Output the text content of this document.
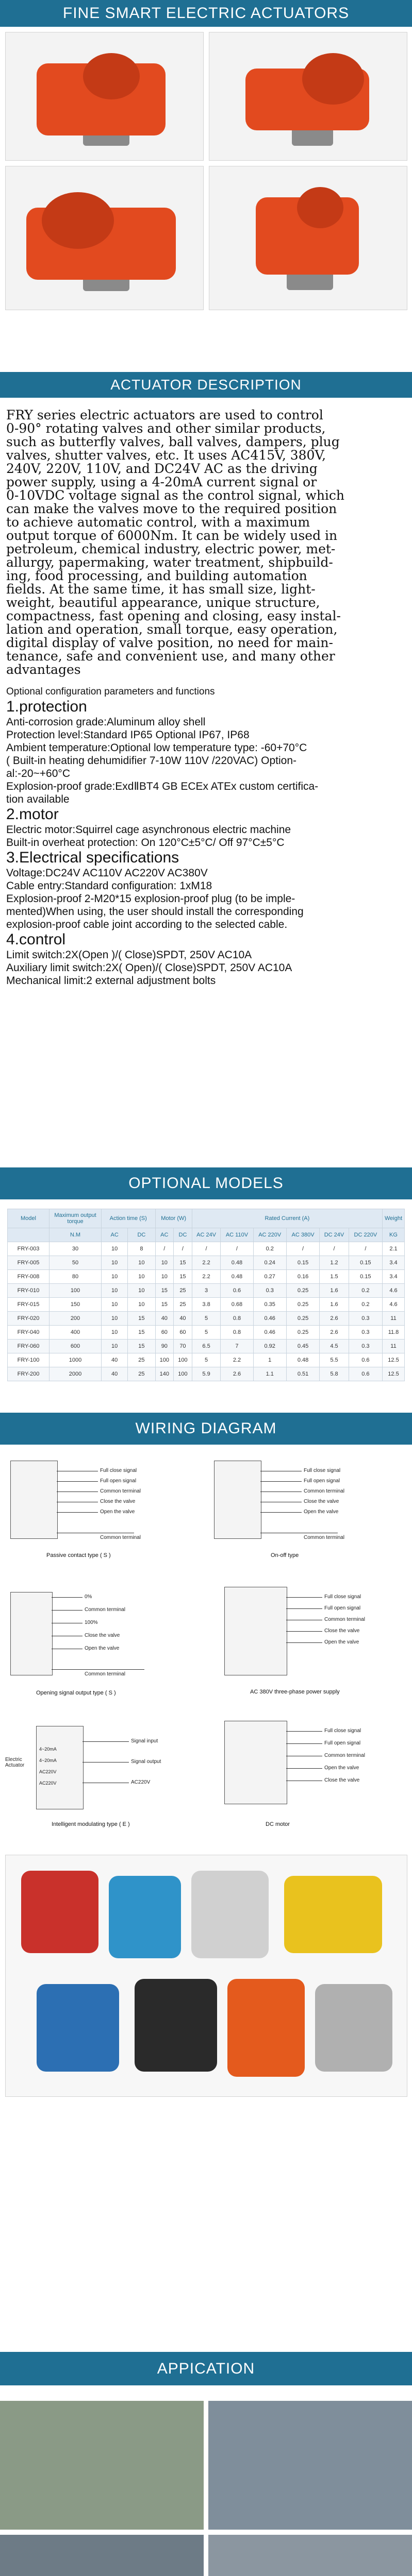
FINE SMART ELECTRIC ACTUATORS
ACTUATOR DESCRIPTION
FRY series electric actuators are used to control
0-90° rotating valves and other similar products,
such as butterfly valves, ball valves, dampers, plug
valves, shutter valves, etc. It uses AC415V, 380V,
240V, 220V, 110V, and DC24V AC as the driving
power supply, using a 4-20mA current signal or
0-10VDC voltage signal as the control signal, which
can make the valves move to the required position
to achieve automatic control, with a maximum
output torque of 6000Nm. It can be widely used in
petroleum, chemical industry, electric power, met-
allurgy, papermaking, water treatment, shipbuild-
ing, food processing, and building automation
fields. At the same time, it has small size, light-
weight, beautiful appearance, unique structure,
compactness, fast opening and closing, easy instal-
lation and operation, small torque, easy operation,
digital display of valve position, no need for main-
tenance, safe and convenient use, and many other
advantages
Optional configuration parameters and functions
1.protection
Anti-corrosion grade:Aluminum alloy shell
Protection level:Standard IP65 Optional IP67, IP68
Ambient temperature:Optional low temperature type: -60+70°C
( Built-in heating dehumidifier 7-10W 110V /220VAC) Option-
al:-20~+60°C
Explosion-proof grade:ExdⅡBT4 GB ECEx ATEx custom certifica-
tion available
2.motor
Electric motor:Squirrel cage asynchronous electric machine
Built-in overheat protection: On 120°C±5°C/ Off 97°C±5°C
3.Electrical specifications
Voltage:DC24V AC110V AC220V AC380V
Cable entry:Standard configuration: 1xM18
Explosion-proof 2-M20*15 explosion-proof plug (to be imple-
mented)When using, the user should install the corresponding
explosion-proof cable joint according to the selected cable.
4.control
Limit switch:2X(Open )/( Close)SPDT, 250V AC10A
Auxiliary limit switch:2X( Open)/( Close)SPDT, 250V AC10A
Mechanical limit:2 external adjustment bolts
OPTIONAL MODELS
Model	Maximum output torque	Action time (S)		Motor (W)		Rated Current (A)						Weight
	N.M	AC	DC	AC	DC	AC 24V	AC 110V	AC 220V	AC 380V	DC 24V	DC 220V	KG
FRY-003	30	10	8	/	/	/	/	0.2	/	/	/	2.1
FRY-005	50	10	10	10	15	2.2	0.48	0.24	0.15	1.2	0.15	3.4
FRY-008	80	10	10	10	15	2.2	0.48	0.27	0.16	1.5	0.15	3.4
FRY-010	100	10	10	15	25	3	0.6	0.3	0.25	1.6	0.2	4.6
FRY-015	150	10	10	15	25	3.8	0.68	0.35	0.25	1.6	0.2	4.6
FRY-020	200	10	15	40	40	5	0.8	0.46	0.25	2.6	0.3	11
FRY-040	400	10	15	60	60	5	0.8	0.46	0.25	2.6	0.3	11.8
FRY-060	600	10	15	90	70	6.5	7	0.92	0.45	4.5	0.3	11
FRY-100	1000	40	25	100	100	5	2.2	1	0.48	5.5	0.6	12.5
FRY-200	2000	40	25	140	100	5.9	2.6	1.1	0.51	5.8	0.6	12.5
WIRING DIAGRAM
Full close signal
Full open signal
Common terminal
Close the valve
Open the valve
Common terminal
Passive contact type ( S )
Full close signal
Full open signal
Common terminal
Close the valve
Open the valve
Common terminal
On-off type
0%
Common terminal
100%
Close the valve
Open the valve
Common terminal
Opening signal output type ( S )
Full close signal
Full open signal
Common terminal
Close the valve
Open the valve
AC 380V three-phase power supply
Electric Actuator
4~20mA
4~20mA
AC220V
AC220V
Signal input
Signal output
AC220V
Intelligent modulating type ( E )
Full close signal
Full open signal
Common terminal
Open the valve
Close the valve
DC motor
APPICATION
